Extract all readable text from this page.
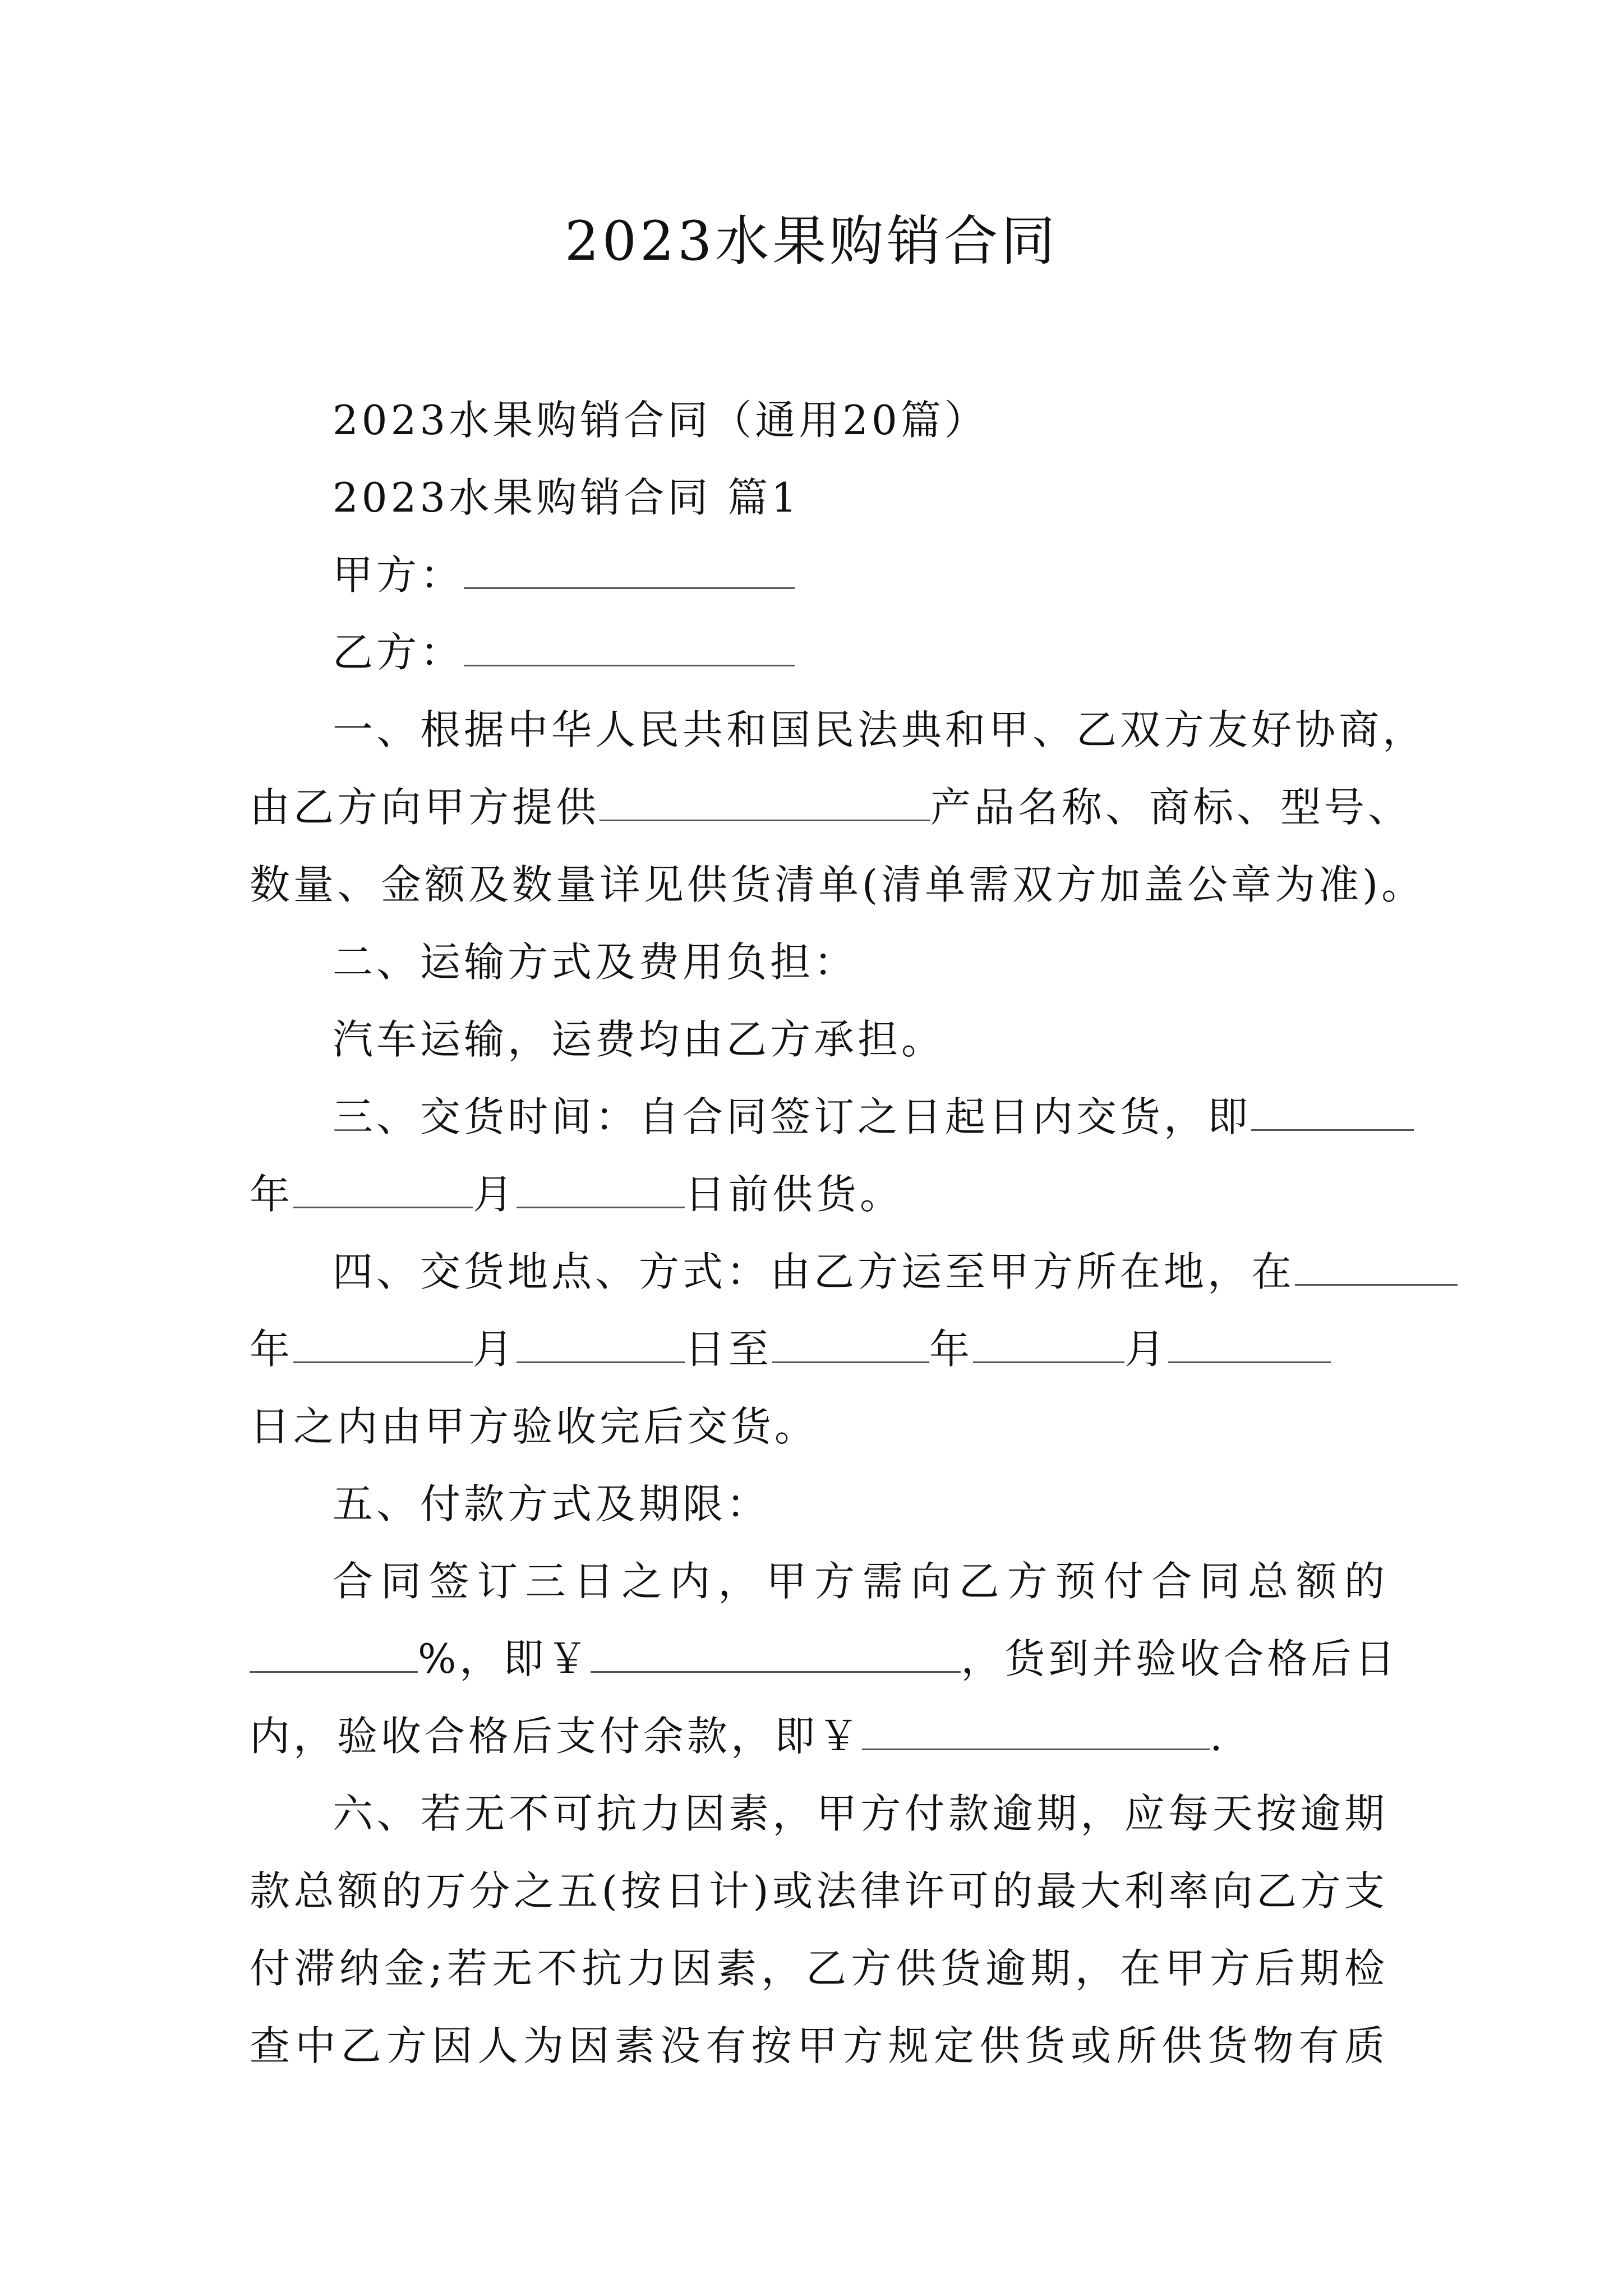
2023水果购销合同
2023水果购销合同（通用20篇）
2023水果购销合同 篇1
甲方：
乙方：
一、根据中华人民共和国民法典和甲、乙双方友好协商，
由乙方向甲方提供	产品名称、商标、型号、
数量、金额及数量详见供货清单(清单需双方加盖公章为准)。
二、运输方式及费用负担：
汽车运输，运费均由乙方承担。
三、交货时间：自合同签订之日起日内交货，即
年	月	日前供货。
四、交货地点、方式：由乙方运至甲方所在地，在
年	月	日至	年	月
日之内由甲方验收完后交货。
五、付款方式及期限：
合同签订三日之内，甲方需向乙方预付合同总额的
%，即￥	，货到并验收合格后日
内，验收合格后支付余款，即￥	.
六、若无不可抗力因素，甲方付款逾期，应每天按逾期
款总额的万分之五(按日计)或法律许可的最大利率向乙方支
付滞纳金;若无不抗力因素，乙方供货逾期，在甲方后期检
查中乙方因人为因素没有按甲方规定供货或所供货物有质
